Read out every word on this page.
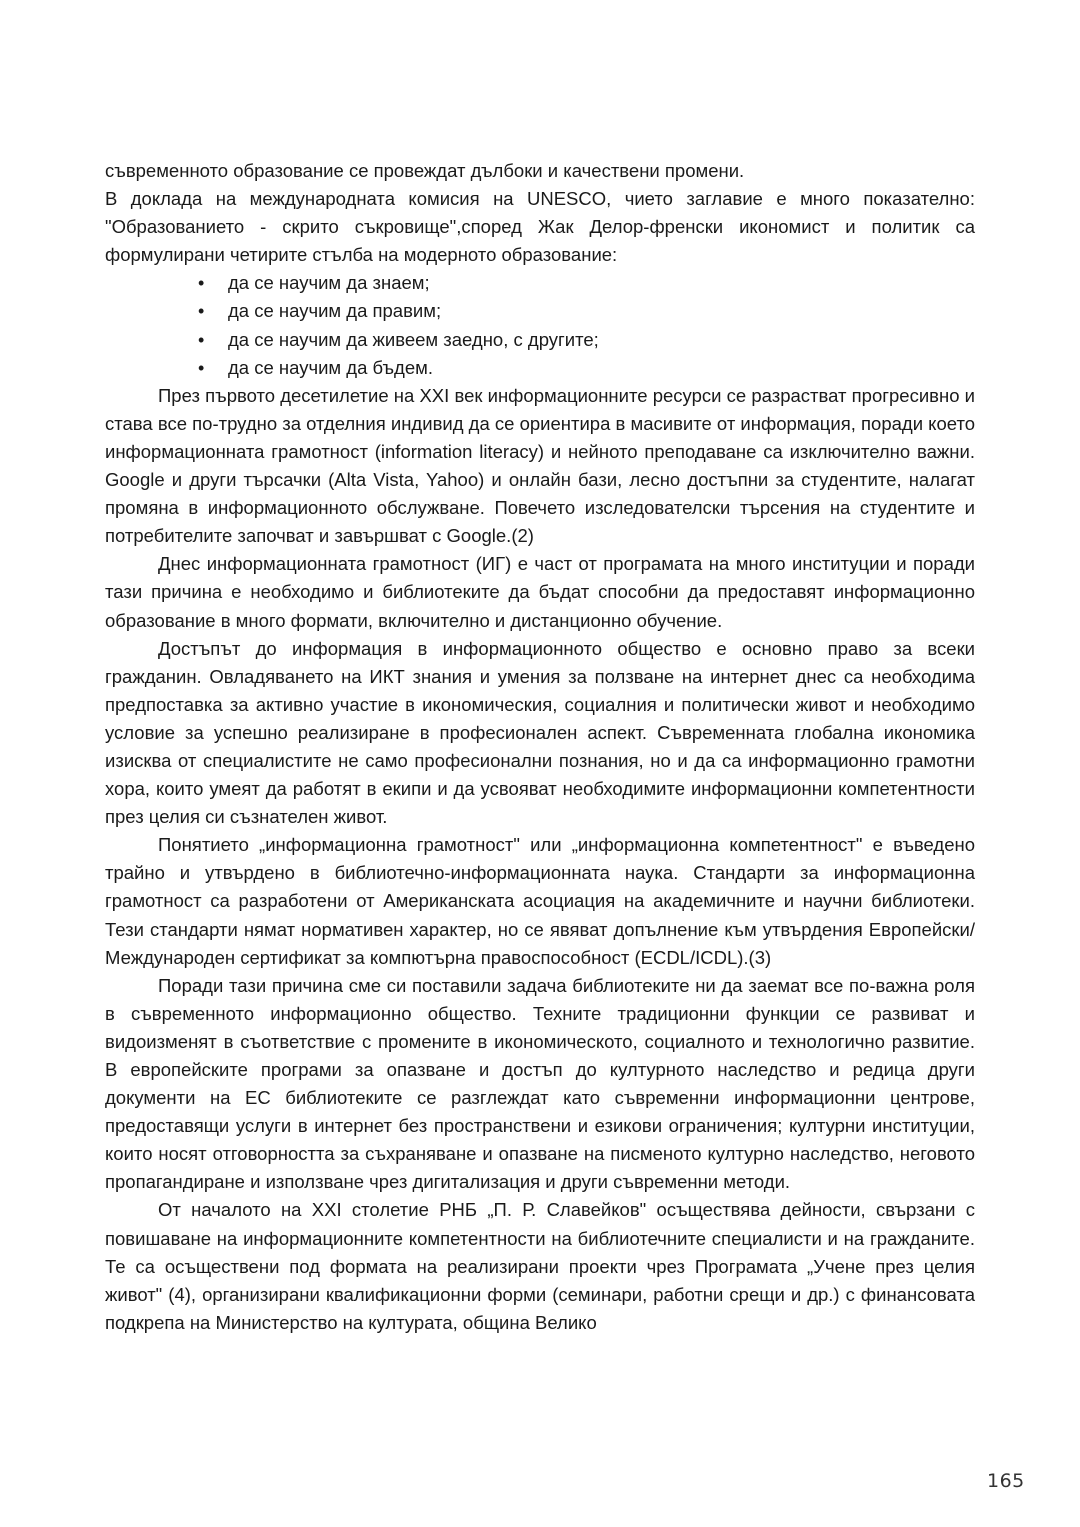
съвременното образование се провеждат дълбоки и качествени промени.

В доклада на международната комисия на UNESCO, чието заглавие е много показателно: "Образованието - скрито съкровище",според Жак Делор-френски икономист и политик са формулирани четирите стълба на модерното образование:

• да се научим да знаем;
• да се научим да правим;
• да се научим да живеем заедно, с другите;
• да се научим да бъдем.

През първото десетилетие на XXI век информационните ресурси се разрастват прогресивно и става все по-трудно за отделния индивид да се ориентира в масивите от информация, поради което информационната грамотност (information literacy) и нейното преподаване са изключително важни. Google и други търсачки (Alta Vista, Yahoo) и онлайн бази, лесно достъпни за студентите, налагат промяна в информационното обслужване. Повечето изследователски търсения на студентите и потребителите започват и завършват с Google.(2)

Днес информационната грамотност (ИГ) е част от програмата на много институции и поради тази причина е необходимо и библиотеките да бъдат способни да предоставят информационно образование в много формати, включително и дистанционно обучение.

Достъпът до информация в информационното общество е основно право за всеки гражданин. Овладяването на ИКТ знания и умения за ползване на интернет днес са необходима предпоставка за активно участие в икономическия, социалния и политически живот и необходимо условие за успешно реализиране в професионален аспект. Съвременната глобална икономика изисква от специалистите не само професионални познания, но и да са информационно грамотни хора, които умеят да работят в екипи и да усвояват необходимите информационни компетентности през целия си съзнателен живот.

Понятието „информационна грамотност" или „информационна компетентност" е въведено трайно и утвърдено в библиотечно-информационната наука. Стандарти за информационна грамотност са разработени от Американската асоциация на академичните и научни библиотеки. Тези стандарти нямат нормативен характер, но се явяват допълнение към утвърдения Европейски/Международен сертификат за компютърна правоспособност (ECDL/ICDL).(3)

Поради тази причина сме си поставили задача библиотеките ни да заемат все по-важна роля в съвременното информационно общество. Техните традиционни функции се развиват и видоизменят в съответствие с промените в икономическото, социалното и технологично развитие. В европейските програми за опазване и достъп до културното наследство и редица други документи на ЕС библиотеките се разглеждат като съвременни информационни центрове, предоставящи услуги в интернет без пространствени и езикови ограничения; културни институции, които носят отговорността за съхраняване и опазване на писменото културно наследство, неговото пропагандиране и използване чрез дигитализация и други съвременни методи.

От началото на XXI столетие РНБ „П. Р. Славейков" осъществява дейности, свързани с повишаване на информационните компетентности на библиотечните специалисти и на гражданите. Те са осъществени под формата на реализирани проекти чрез Програмата „Учене през целия живот" (4), организирани квалификационни форми (семинари, работни срещи и др.) с финансовата подкрепа на Министерство на културата, община Велико

165
